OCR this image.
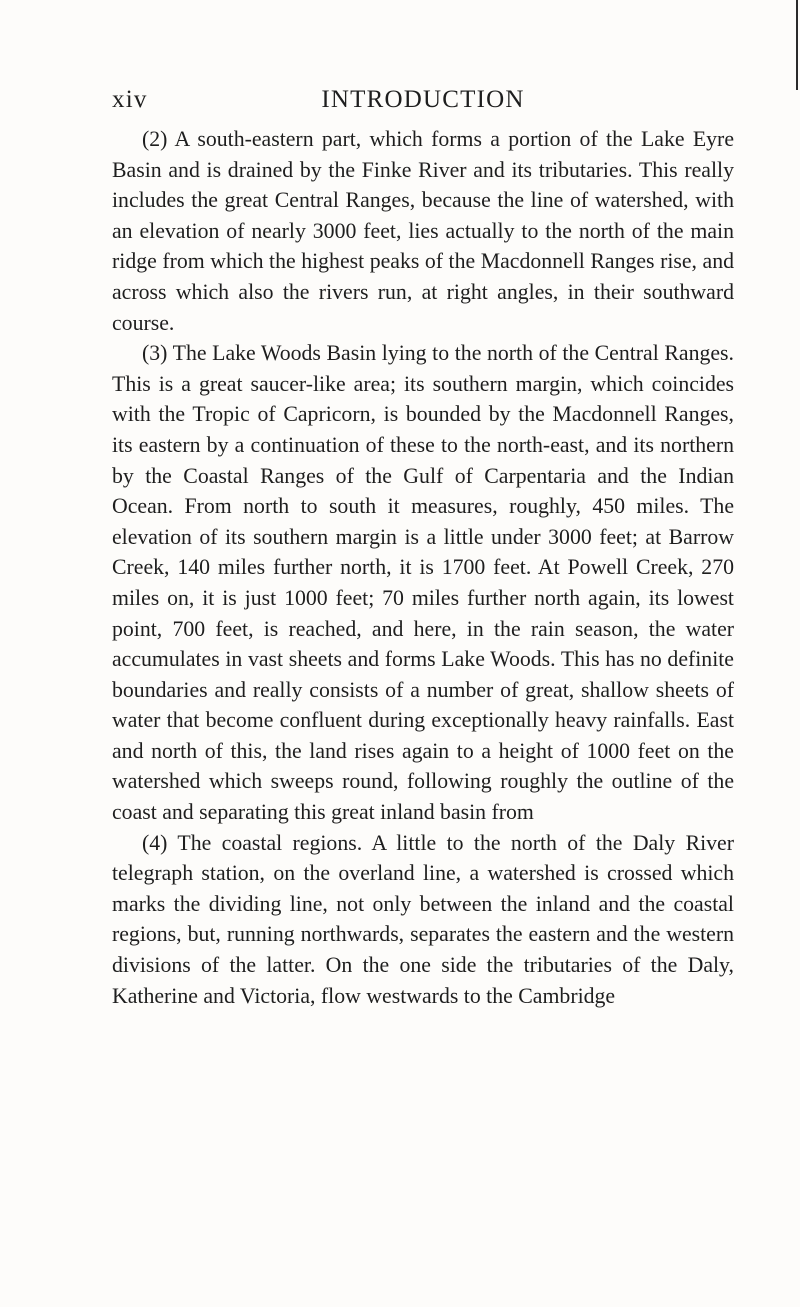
xiv	INTRODUCTION

(2) A south-eastern part, which forms a portion of the Lake Eyre Basin and is drained by the Finke River and its tributaries. This really includes the great Central Ranges, because the line of watershed, with an elevation of nearly 3000 feet, lies actually to the north of the main ridge from which the highest peaks of the Macdonnell Ranges rise, and across which also the rivers run, at right angles, in their southward course.

(3) The Lake Woods Basin lying to the north of the Central Ranges. This is a great saucer-like area; its southern margin, which coincides with the Tropic of Capricorn, is bounded by the Macdonnell Ranges, its eastern by a continuation of these to the north-east, and its northern by the Coastal Ranges of the Gulf of Carpentaria and the Indian Ocean. From north to south it measures, roughly, 450 miles. The elevation of its southern margin is a little under 3000 feet; at Barrow Creek, 140 miles further north, it is 1700 feet. At Powell Creek, 270 miles on, it is just 1000 feet; 70 miles further north again, its lowest point, 700 feet, is reached, and here, in the rain season, the water accumulates in vast sheets and forms Lake Woods. This has no definite boundaries and really consists of a number of great, shallow sheets of water that become confluent during exceptionally heavy rainfalls. East and north of this, the land rises again to a height of 1000 feet on the watershed which sweeps round, following roughly the outline of the coast and separating this great inland basin from

(4) The coastal regions. A little to the north of the Daly River telegraph station, on the overland line, a watershed is crossed which marks the dividing line, not only between the inland and the coastal regions, but, running northwards, separates the eastern and the western divisions of the latter. On the one side the tributaries of the Daly, Katherine and Victoria, flow westwards to the Cambridge
